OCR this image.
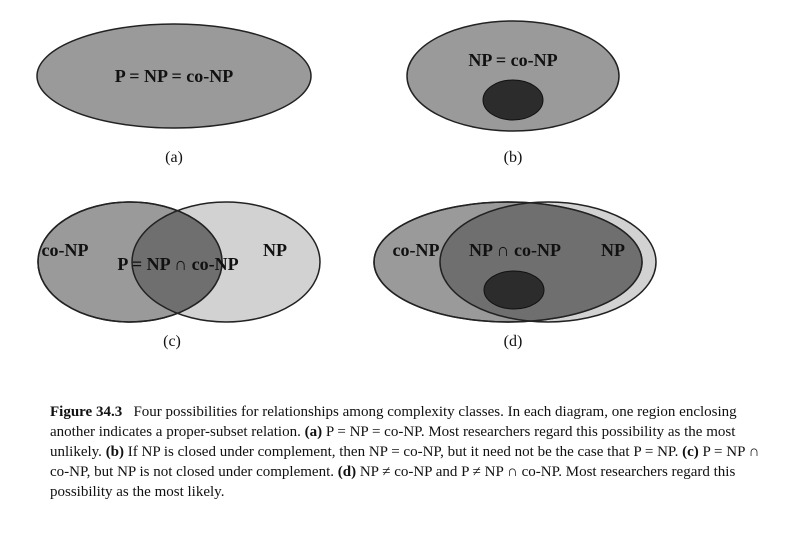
P = NP = co-NP
(a)
NP = co-NP
(b)
co-NP
P = NP ∩ co-NP
NP
(c)
co-NP NP ∩ co-NP NP
(d)
Figure 34.3 Four possibilities for relationships among complexity classes. In each diagram, one region enclosing another indicates a proper-subset relation. (a) P = NP = co-NP. Most researchers regard this possibility as the most unlikely. (b) If NP is closed under complement, then NP = co-NP, but it need not be the case that P = NP. (c) P = NP ∩ co-NP, but NP is not closed under complement. (d) NP ≠ co-NP and P ≠ NP ∩ co-NP. Most researchers regard this possibility as the most likely.
